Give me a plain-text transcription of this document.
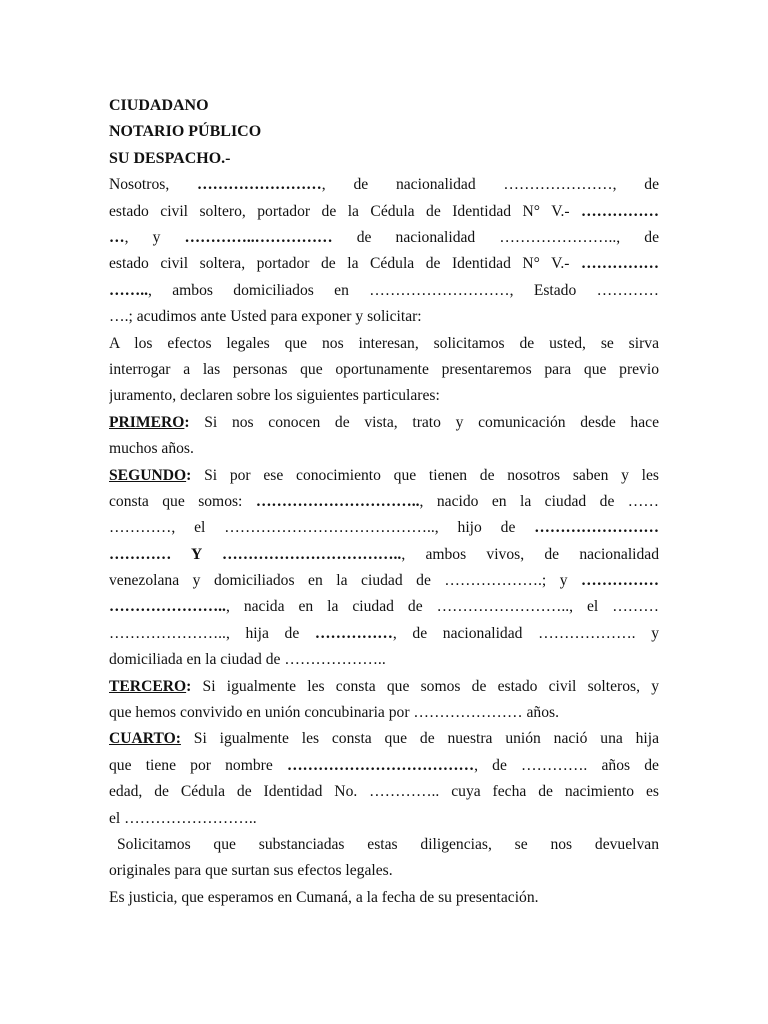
CIUDADANO
NOTARIO PÚBLICO
SU DESPACHO.-
Nosotros, ……………………, de nacionalidad …………………, de
estado civil soltero, portador de la Cédula de Identidad N° V.- ……………
…, y …………..…………… de nacionalidad ………………….., de
estado civil soltera, portador de la Cédula de Identidad N° V.- ……………
…….., ambos domiciliados en ………………………, Estado …………
….; acudimos ante Usted para exponer y solicitar:
A los efectos legales que nos interesan, solicitamos de usted, se sirva
interrogar a las personas que oportunamente presentaremos para que previo
juramento, declaren sobre los siguientes particulares:
PRIMERO: Si nos conocen de vista, trato y comunicación desde hace
muchos años.
SEGUNDO: Si por ese conocimiento que tienen de nosotros saben y les
consta que somos: ………………………….., nacido en la ciudad de ……
…………, el ………………………………….., hijo de ……………………
………… Y …………………………….., ambos vivos, de nacionalidad
venezolana y domiciliados en la ciudad de ……………….; y ……………
………………….., nacida en la ciudad de …………………….., el ………
………………….., hija de ……………, de nacionalidad ………………. y
domiciliada en la ciudad de ………………..
TERCERO: Si igualmente les consta que somos de estado civil solteros, y
que hemos convivido en unión concubinaria por ………………… años.
CUARTO: Si igualmente les consta que de nuestra unión nació una hija
que tiene por nombre ………………………………, de …………. años de
edad, de Cédula de Identidad No. ………….. cuya fecha de nacimiento es
el ……………………..
Solicitamos que substanciadas estas diligencias, se nos devuelvan
originales para que surtan sus efectos legales.
Es justicia, que esperamos en Cumaná, a la fecha de su presentación.
